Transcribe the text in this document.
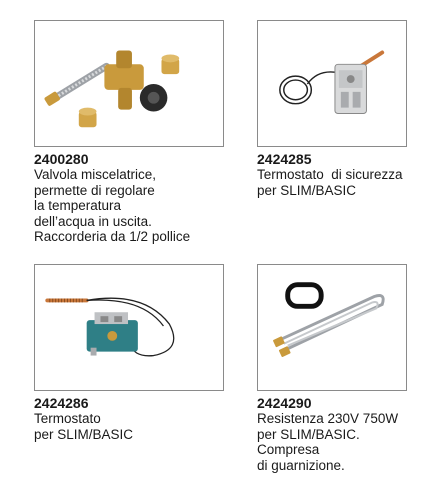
2400280
Valvola miscelatrice,
permette di regolare
la temperatura
dell’acqua in uscita.
Raccorderia da 1/2 pollice
2424285
Termostato  di sicurezza
per SLIM/BASIC
2424286
Termostato
per SLIM/BASIC
2424290
Resistenza 230V 750W
per SLIM/BASIC.
Compresa
di guarnizione.
